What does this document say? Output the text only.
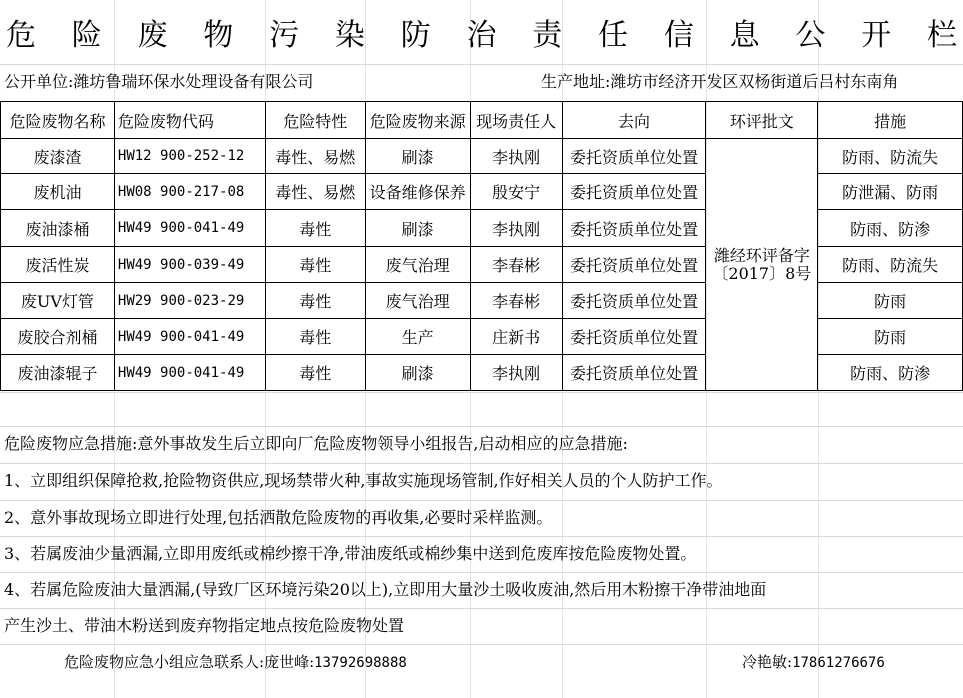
危 险 废 物 污 染 防 治 责 任 信 息 公 开 栏
公开单位:潍坊鲁瑞环保水处理设备有限公司	生产地址:潍坊市经济开发区双杨街道后吕村东南角
危险废物名称	危险废物代码	危险特性	危险废物来源	现场责任人	去向	环评批文	措施
废漆渣	HW12 900-252-12	毒性、易燃	刷漆	李执刚	委托资质单位处置	潍经环评备字〔2017〕8号	防雨、防流失
废机油	HW08 900-217-08	毒性、易燃	设备维修保养	殷安宁	委托资质单位处置		防泄漏、防雨
废油漆桶	HW49 900-041-49	毒性	刷漆	李执刚	委托资质单位处置		防雨、防渗
废活性炭	HW49 900-039-49	毒性	废气治理	李春彬	委托资质单位处置		防雨、防流失
废UV灯管	HW29 900-023-29	毒性	废气治理	李春彬	委托资质单位处置		防雨
废胶合剂桶	HW49 900-041-49	毒性	生产	庄新书	委托资质单位处置		防雨
废油漆辊子	HW49 900-041-49	毒性	刷漆	李执刚	委托资质单位处置		防雨、防渗
危险废物应急措施:意外事故发生后立即向厂危险废物领导小组报告,启动相应的应急措施:
1、立即组织保障抢救,抢险物资供应,现场禁带火种,事故实施现场管制,作好相关人员的个人防护工作。
2、意外事故现场立即进行处理,包括洒散危险废物的再收集,必要时采样监测。
3、若属废油少量洒漏,立即用废纸或棉纱擦干净,带油废纸或棉纱集中送到危废库按危险废物处置。
4、若属危险废油大量洒漏,(导致厂区环境污染20以上),立即用大量沙土吸收废油,然后用木粉擦干净带油地面
产生沙土、带油木粉送到废弃物指定地点按危险废物处置
危险废物应急小组应急联系人:庞世峰:13792698888	冷艳敏:17861276676
